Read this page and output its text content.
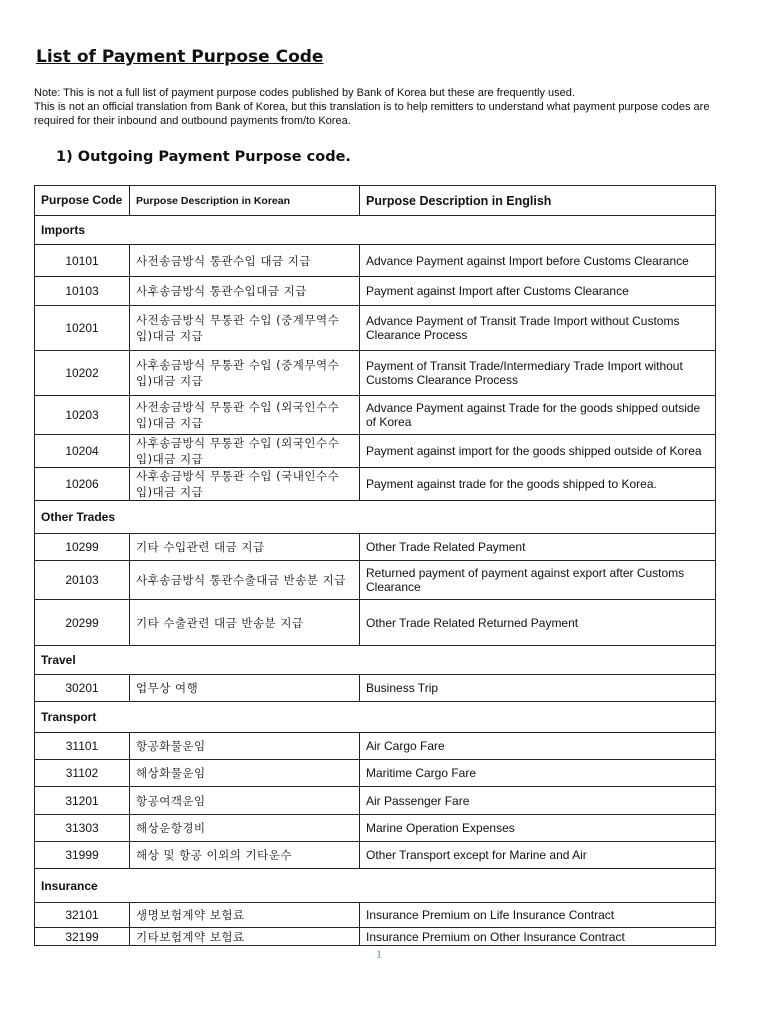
List of Payment Purpose Code

Note: This is not a full list of payment purpose codes published by Bank of Korea but these are frequently used.

This is not an official translation from Bank of Korea, but this translation is to help remitters to understand what payment purpose codes are required for their inbound and outbound payments from/to Korea.

1) Outgoing Payment Purpose code.
Purpose Code	Purpose Description in Korean	Purpose Description in English
Imports		
10101	사전송금방식 통관수입 대금 지급	Advance Payment against Import before Customs Clearance
10103	사후송금방식 통관수입대금 지급	Payment against Import after Customs Clearance
10201	사전송금방식 무통관 수입 (중계무역수입)대금 지급	Advance Payment of Transit Trade Import without Customs Clearance Process
10202	사후송금방식 무통관 수입 (중계무역수입)대금 지급	Payment of Transit Trade/Intermediary Trade Import without Customs Clearance Process
10203	사전송금방식 무통관 수입 (외국인수수입)대금 지급	Advance Payment against Trade for the goods shipped outside of Korea
10204	사후송금방식 무통관 수입 (외국인수수입)대금 지급	Payment against import for the goods shipped outside of Korea
10206	사후송금방식 무통관 수입 (국내인수수입)대금 지급	Payment against trade for the goods shipped to Korea.
Other Trades		
10299	기타 수입관련 대금 지급	Other Trade Related Payment
20103	사후송금방식 통관수출대금 반송분 지급	Returned payment of payment against export after Customs Clearance
20299	기타 수출관련 대금 반송분 지급	Other Trade Related Returned Payment
Travel		
30201	업무상 여행	Business Trip
Transport		
31101	항공화물운임	Air Cargo Fare
31102	해상화물운임	Maritime Cargo Fare
31201	항공여객운임	Air Passenger Fare
31303	해상운항경비	Marine Operation Expenses
31999	해상 및 항공 이외의 기타운수	Other Transport except for Marine and Air
Insurance		
32101	생명보험계약 보험료	Insurance Premium on Life Insurance Contract
32199	기타보험계약 보험료	Insurance Premium on Other Insurance Contract
1
